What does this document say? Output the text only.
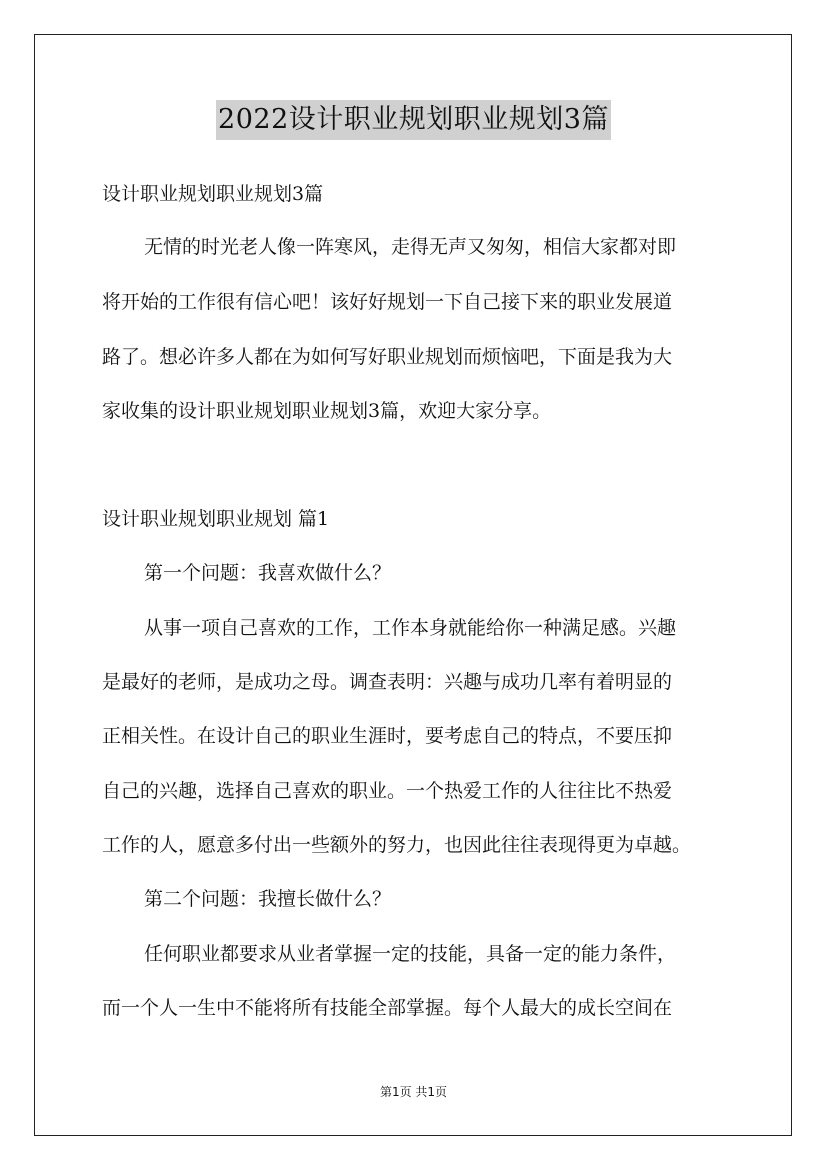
2022设计职业规划职业规划3篇
设计职业规划职业规划3篇
无情的时光老人像一阵寒风，走得无声又匆匆，相信大家都对即
将开始的工作很有信心吧！该好好规划一下自己接下来的职业发展道
路了。想必许多人都在为如何写好职业规划而烦恼吧，下面是我为大
家收集的设计职业规划职业规划3篇，欢迎大家分享。
设计职业规划职业规划 篇1
第一个问题：我喜欢做什么？
从事一项自己喜欢的工作，工作本身就能给你一种满足感。兴趣
是最好的老师，是成功之母。调查表明：兴趣与成功几率有着明显的
正相关性。在设计自己的职业生涯时，要考虑自己的特点，不要压抑
自己的兴趣，选择自己喜欢的职业。一个热爱工作的人往往比不热爱
工作的人，愿意多付出一些额外的努力，也因此往往表现得更为卓越。
第二个问题：我擅长做什么？
任何职业都要求从业者掌握一定的技能，具备一定的能力条件，
而一个人一生中不能将所有技能全部掌握。每个人最大的成长空间在
第1页 共1页
